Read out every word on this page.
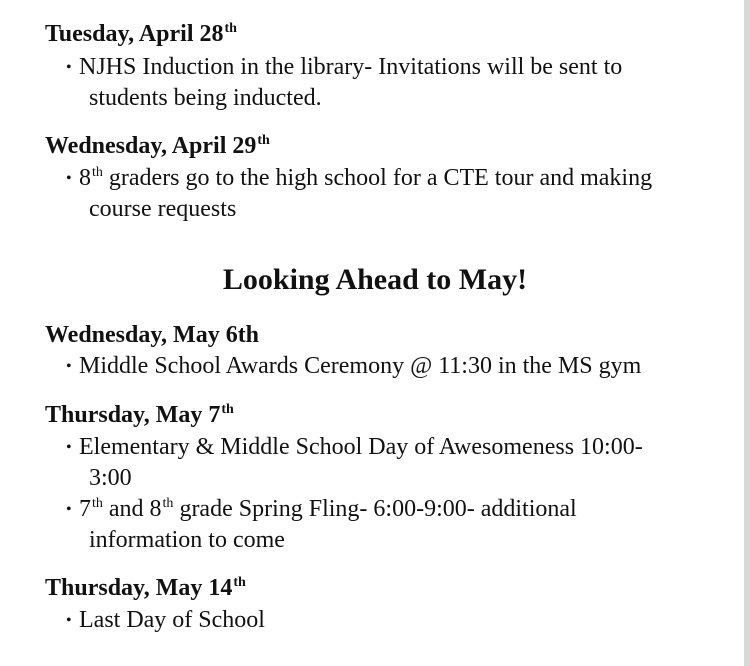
Tuesday, April 28th
• NJHS Induction in the library- Invitations will be sent to
students being inducted.
Wednesday, April 29th
• 8th graders go to the high school for a CTE tour and making
course requests
Looking Ahead to May!
Wednesday, May 6th
• Middle School Awards Ceremony @ 11:30 in the MS gym
Thursday, May 7th
• Elementary & Middle School Day of Awesomeness 10:00-
3:00
• 7th and 8th grade Spring Fling- 6:00-9:00- additional
information to come
Thursday, May 14th
• Last Day of School
